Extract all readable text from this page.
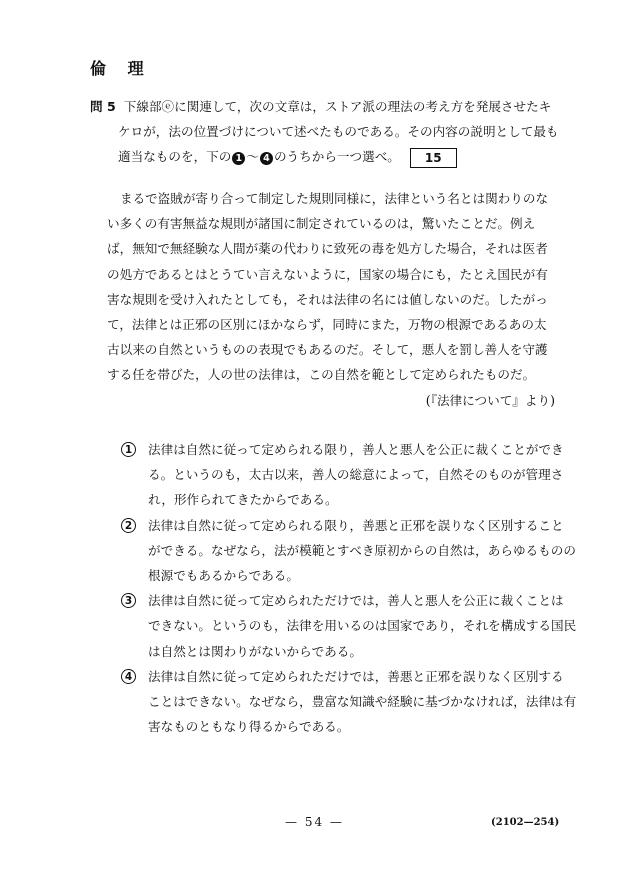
倫 理
問 5 下線部ⓔに関連して，次の文章は，ストア派の理法の考え方を発展させたキ
ケロが，法の位置づけについて述べたものである。その内容の説明として最も
適当なものを，下の 1 ～ 4 のうちから一つ選べ。 15
まるで盗賊が寄り合って制定した規則同様に，法律という名とは関わりのな
い多くの有害無益な規則が諸国に制定されているのは，驚いたことだ。例え
ば，無知で無経験な人間が薬の代わりに致死の毒を処方した場合，それは医者
の処方であるとはとうてい言えないように，国家の場合にも，たとえ国民が有
害な規則を受け入れたとしても，それは法律の名には値しないのだ。したがっ
て，法律とは正邪の区別にほかならず，同時にまた，万物の根源であるあの太
古以来の自然というものの表現でもあるのだ。そして，悪人を罰し善人を守護
する任を帯びた，人の世の法律は，この自然を範として定められたものだ。
(『法律について』より)
1	法律は自然に従って定められる限り，善人と悪人を公正に裁くことができ
る。というのも，太古以来，善人の総意によって，自然そのものが管理さ
れ，形作られてきたからである。
2	法律は自然に従って定められる限り，善悪と正邪を誤りなく区別すること
ができる。なぜなら，法が模範とすべき原初からの自然は，あらゆるものの
根源でもあるからである。
3	法律は自然に従って定められただけでは，善人と悪人を公正に裁くことは
できない。というのも，法律を用いるのは国家であり，それを構成する国民
は自然とは関わりがないからである。
4	法律は自然に従って定められただけでは，善悪と正邪を誤りなく区別する
ことはできない。なぜなら，豊富な知識や経験に基づかなければ，法律は有
害なものともなり得るからである。
— 54 —	(2102—254)
